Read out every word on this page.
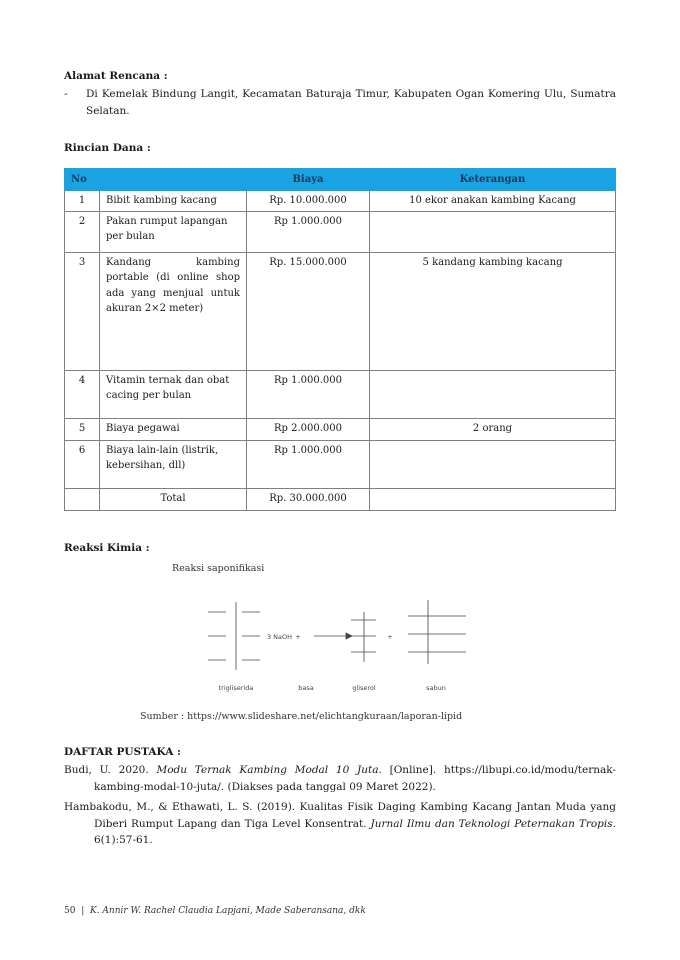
Alamat Rencana :
-	Di Kemelak Bindung Langit, Kecamatan Baturaja Timur, Kabupaten Ogan Komering Ulu, Sumatra Selatan.
Rincian Dana :
No		Biaya	Keterangan
1	Bibit kambing kacang	Rp. 10.000.000	10 ekor anakan kambing Kacang
2	Pakan rumput lapangan per bulan	Rp 1.000.000	
3	Kandang kambing portable (di online shop ada yang menjual untuk akuran 2×2 meter)	Rp. 15.000.000	5 kandang kambing kacang
4	Vitamin ternak dan obat cacing per bulan	Rp 1.000.000	
5	Biaya pegawai	Rp 2.000.000	2 orang
6	Biaya lain-lain (listrik, kebersihan, dll)	Rp 1.000.000	
	Total	Rp. 30.000.000	
Reaksi Kimia :
Reaksi saponifikasi
+
3 NaOH	+
trigliserida	basa	gliserol	sabun
Sumber : https://www.slideshare.net/elichtangkuraan/laporan-lipid
DAFTAR PUSTAKA :

Budi, U. 2020. Modu Ternak Kambing Modal 10 Juta. [Online]. https://libupi.co.id/modu/ternak-kambing-modal-10-juta/. (Diakses pada tanggal 09 Maret 2022).

Hambakodu, M., & Ethawati, L. S. (2019). Kualitas Fisik Daging Kambing Kacang Jantan Muda yang Diberi Rumput Lapang dan Tiga Level Konsentrat. Jurnal Ilmu dan Teknologi Peternakan Tropis. 6(1):57-61.

50  |  K. Annir W. Rachel Claudia Lapjani, Made Saberansana, dkk
